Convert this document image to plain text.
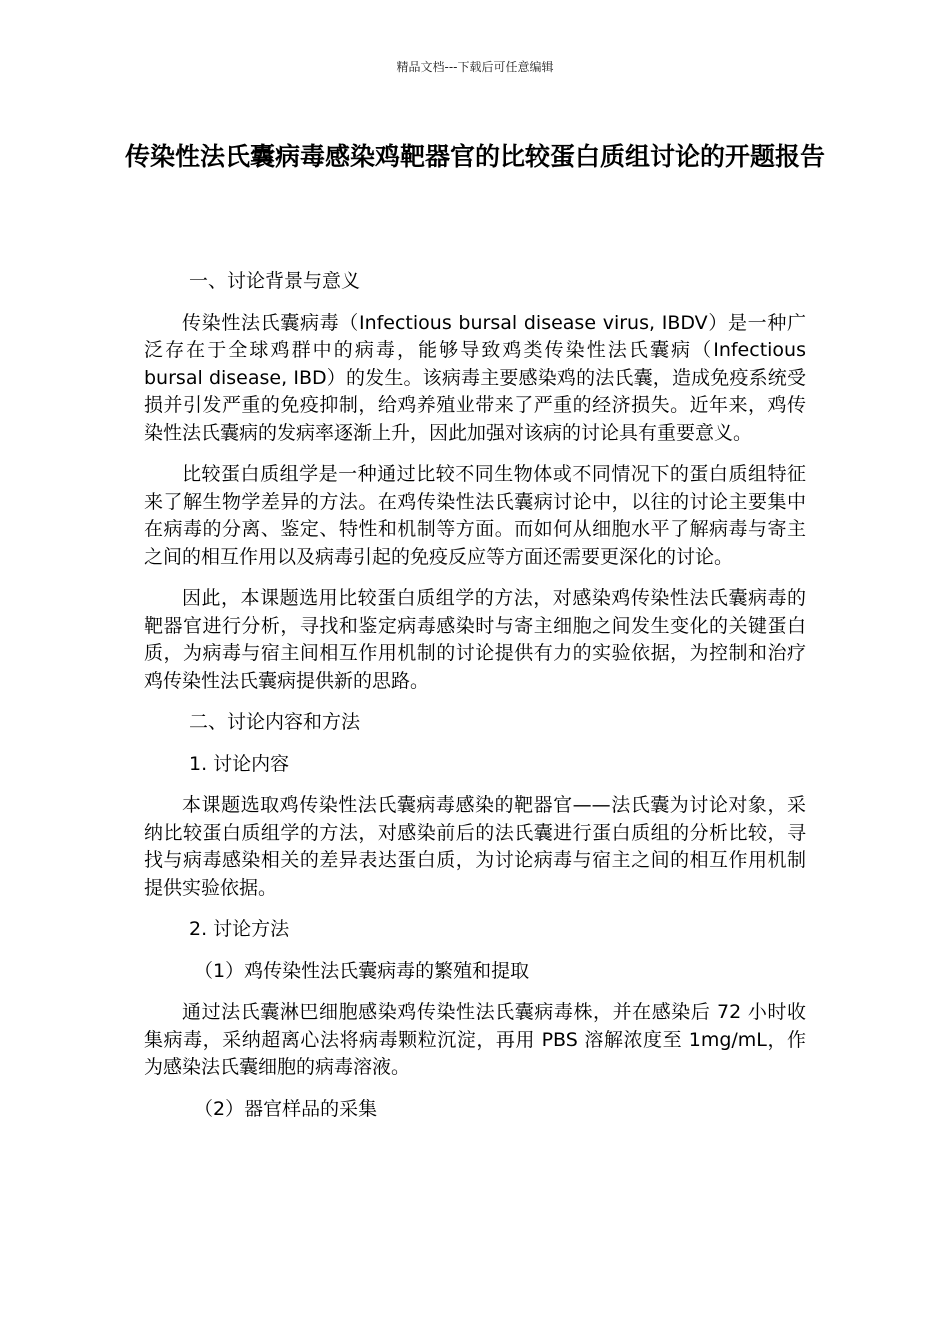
精品文档---下载后可任意编辑
传染性法氏囊病毒感染鸡靶器官的比较蛋白质组讨论的开题报告

一、讨论背景与意义

传染性法氏囊病毒（Infectious bursal disease virus, IBDV）是一种广泛存在于全球鸡群中的病毒，能够导致鸡类传染性法氏囊病（Infectious bursal disease, IBD）的发生。该病毒主要感染鸡的法氏囊，造成免疫系统受损并引发严重的免疫抑制，给鸡养殖业带来了严重的经济损失。近年来，鸡传染性法氏囊病的发病率逐渐上升，因此加强对该病的讨论具有重要意义。

比较蛋白质组学是一种通过比较不同生物体或不同情况下的蛋白质组特征来了解生物学差异的方法。在鸡传染性法氏囊病讨论中，以往的讨论主要集中在病毒的分离、鉴定、特性和机制等方面。而如何从细胞水平了解病毒与寄主之间的相互作用以及病毒引起的免疫反应等方面还需要更深化的讨论。

因此，本课题选用比较蛋白质组学的方法，对感染鸡传染性法氏囊病毒的靶器官进行分析，寻找和鉴定病毒感染时与寄主细胞之间发生变化的关键蛋白质，为病毒与宿主间相互作用机制的讨论提供有力的实验依据，为控制和治疗鸡传染性法氏囊病提供新的思路。

二、讨论内容和方法

1. 讨论内容

本课题选取鸡传染性法氏囊病毒感染的靶器官——法氏囊为讨论对象，采纳比较蛋白质组学的方法，对感染前后的法氏囊进行蛋白质组的分析比较，寻找与病毒感染相关的差异表达蛋白质，为讨论病毒与宿主之间的相互作用机制提供实验依据。

2. 讨论方法

（1）鸡传染性法氏囊病毒的繁殖和提取

通过法氏囊淋巴细胞感染鸡传染性法氏囊病毒株，并在感染后 72 小时收集病毒，采纳超离心法将病毒颗粒沉淀，再用 PBS 溶解浓度至 1mg/mL，作为感染法氏囊细胞的病毒溶液。

（2）器官样品的采集
